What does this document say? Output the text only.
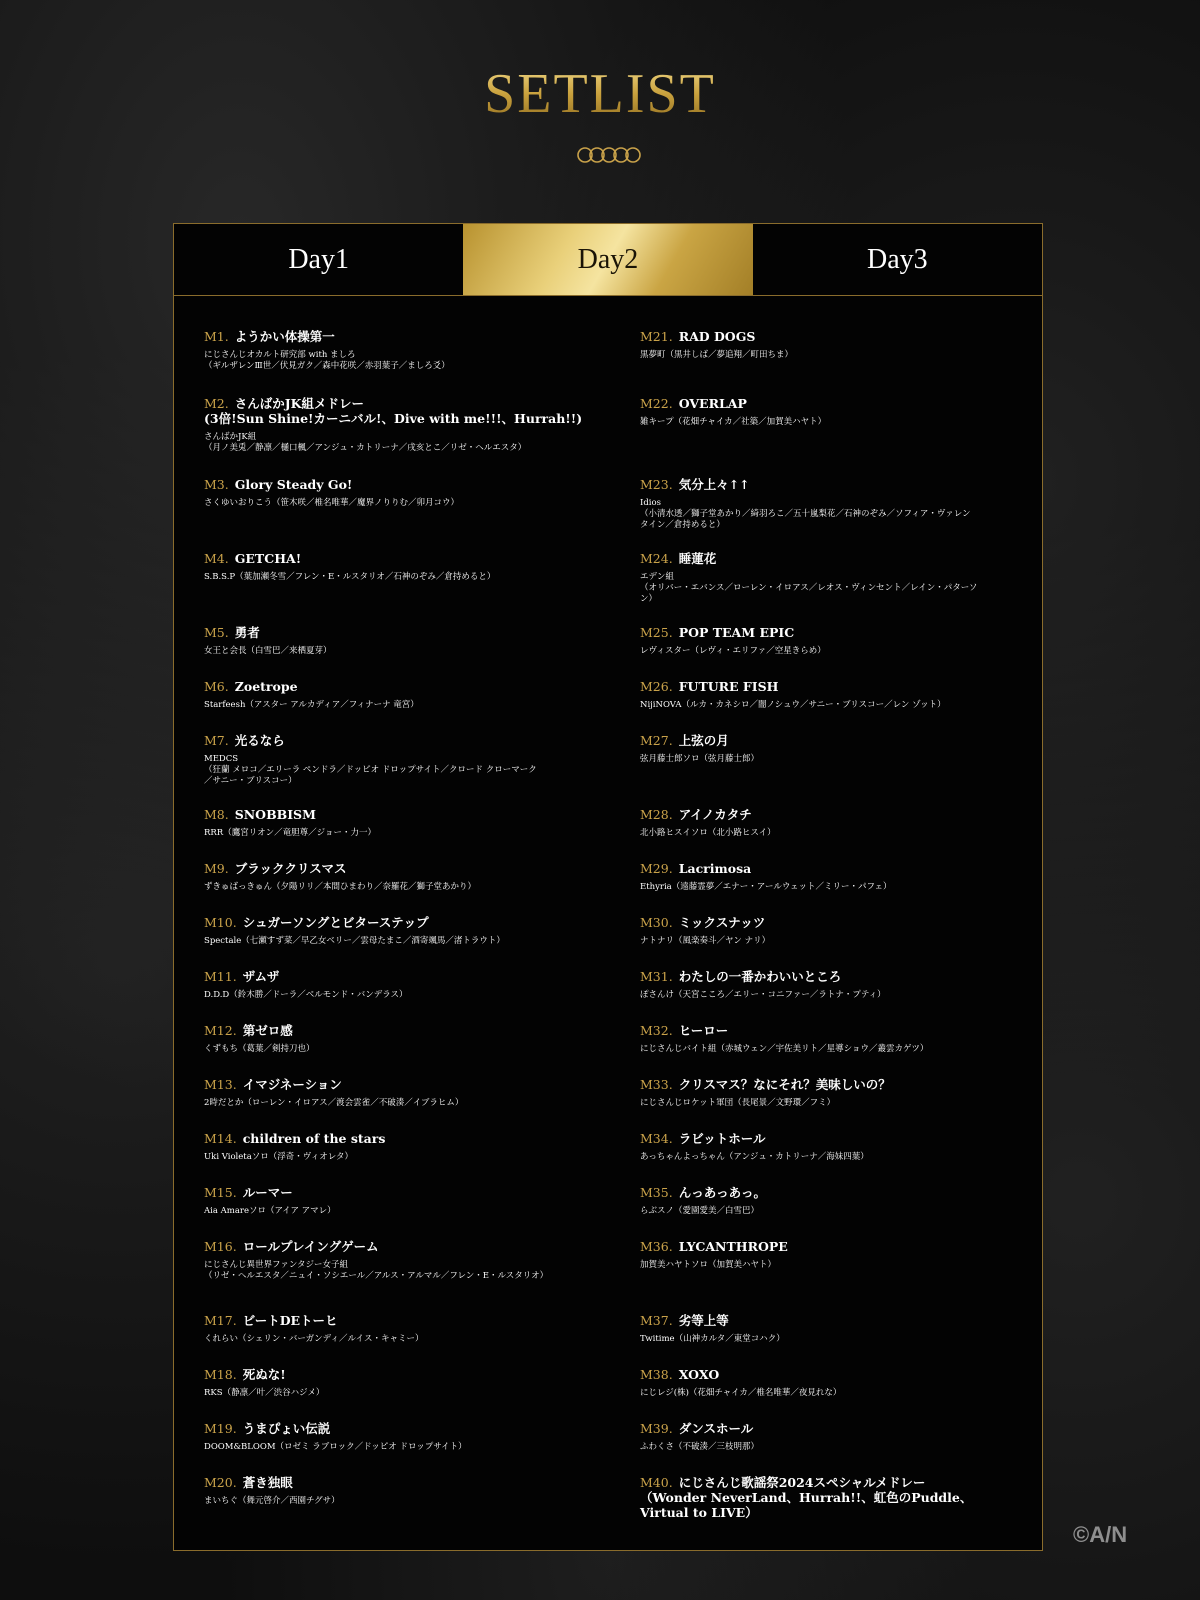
SETLIST
Day1	Day2	Day3
M1. ようかい体操第一
にじさんじオカルト研究部 with ましろ
（ギルザレンⅢ世／伏見ガク／森中花咲／赤羽葉子／ましろ爻）
M2. さんばかJK組メドレー
(3倍!Sun Shine!カーニバル!、Dive with me!!!、Hurrah!!)
さんばかJK組
（月ノ美兎／静凛／樋口楓／アンジュ・カトリーナ／戌亥とこ／リゼ・ヘルエスタ）
M3. Glory Steady Go!
さくゆいおりこう（笹木咲／椎名唯華／魔界ノりりむ／卯月コウ）
M4. GETCHA!
S.B.S.P（葉加瀬冬雪／フレン・E・ルスタリオ／石神のぞみ／倉持めると）
M5. 勇者
女王と会長（白雪巴／来栖夏芽）
M6. Zoetrope
Starfeesh（アスター アルカディア／フィナーナ 竜宮）
M7. 光るなら
MEDCS
（狂蘭 メロコ／エリーラ ペンドラ／ドッピオ ドロップサイト／クロード クローマーク
／サニー・ブリスコー）
M8. SNOBBISM
RRR（鷹宮リオン／竜胆尊／ジョー・力一）
M9. ブラッククリスマス
ずきゅばっきゅん（夕陽リリ／本間ひまわり／奈羅花／獅子堂あかり）
M10. シュガーソングとビターステップ
Spectale（七瀬すず菜／早乙女ベリー／雲母たまこ／酒寄颯馬／渚トラウト）
M11. ザムザ
D.D.D（鈴木勝／ドーラ／ベルモンド・バンデラス）
M12. 第ゼロ感
くずもち（葛葉／剣持刀也）
M13. イマジネーション
2時だとか（ローレン・イロアス／渡会雲雀／不破湊／イブラヒム）
M14. children of the stars
Uki Violetaソロ（浮奇・ヴィオレタ）
M15. ルーマー
Aia Amareソロ（アイア アマレ）
M16. ロールプレイングゲーム
にじさんじ異世界ファンタジー女子組
（リゼ・ヘルエスタ／ニュイ・ソシエール／アルス・アルマル／フレン・E・ルスタリオ）
M17. ビートDEトーヒ
くれらい（シェリン・バーガンディ／ルイス・キャミー）
M18. 死ぬな!
RKS（静凛／叶／渋谷ハジメ）
M19. うまぴょい伝説
DOOM&BLOOM（ロゼミ ラブロック／ドッピオ ドロップサイト）
M20. 蒼き独眼
まいちぐ（舞元啓介／西園チグサ）
M21. RAD DOGS
黒夢町（黒井しば／夢追翔／町田ちま）
M22. OVERLAP
雑キープ（花畑チャイカ／社築／加賀美ハヤト）
M23. 気分上々↑↑
Idios
（小清水透／獅子堂あかり／綺羽ろこ／五十嵐梨花／石神のぞみ／ソフィア・ヴァレン
タイン／倉持めると）
M24. 睡蓮花
エデン組
（オリバー・エバンス／ローレン・イロアス／レオス・ヴィンセント／レイン・パターソ
ン）
M25. POP TEAM EPIC
レヴィスター（レヴィ・エリファ／空星きらめ）
M26. FUTURE FISH
NijiNOVA（ルカ・カネシロ／闇ノシュウ／サニー・ブリスコー／レン ゾット）
M27. 上弦の月
弦月藤士郎ソロ（弦月藤士郎）
M28. アイノカタチ
北小路ヒスイソロ（北小路ヒスイ）
M29. Lacrimosa
Ethyria（遠藤霊夢／エナー・アールウェット／ミリー・パフェ）
M30. ミックスナッツ
ナトナリ（風楽奏斗／ヤン ナリ）
M31. わたしの一番かわいいところ
ぽさんけ（天宮こころ／エリー・コニファー／ラトナ・プティ）
M32. ヒーロー
にじさんじバイト組（赤城ウェン／宇佐美リト／星導ショウ／叢雲カゲツ）
M33. クリスマス？なにそれ？美味しいの？
にじさんじロケット軍団（長尾景／文野環／フミ）
M34. ラビットホール
あっちゃんよっちゃん（アンジュ・カトリーナ／海妹四葉）
M35. んっあっあっ。
らぶスノ（愛園愛美／白雪巴）
M36. LYCANTHROPE
加賀美ハヤトソロ（加賀美ハヤト）
M37. 劣等上等
Twitime（山神カルタ／東堂コハク）
M38. XOXO
にじレジ(株)（花畑チャイカ／椎名唯華／夜見れな）
M39. ダンスホール
ふわくさ（不破湊／三枝明那）
M40. にじさんじ歌謡祭2024スペシャルメドレー
（Wonder NeverLand、Hurrah!!、虹色のPuddle、Virtual to LIVE）
©A/N
